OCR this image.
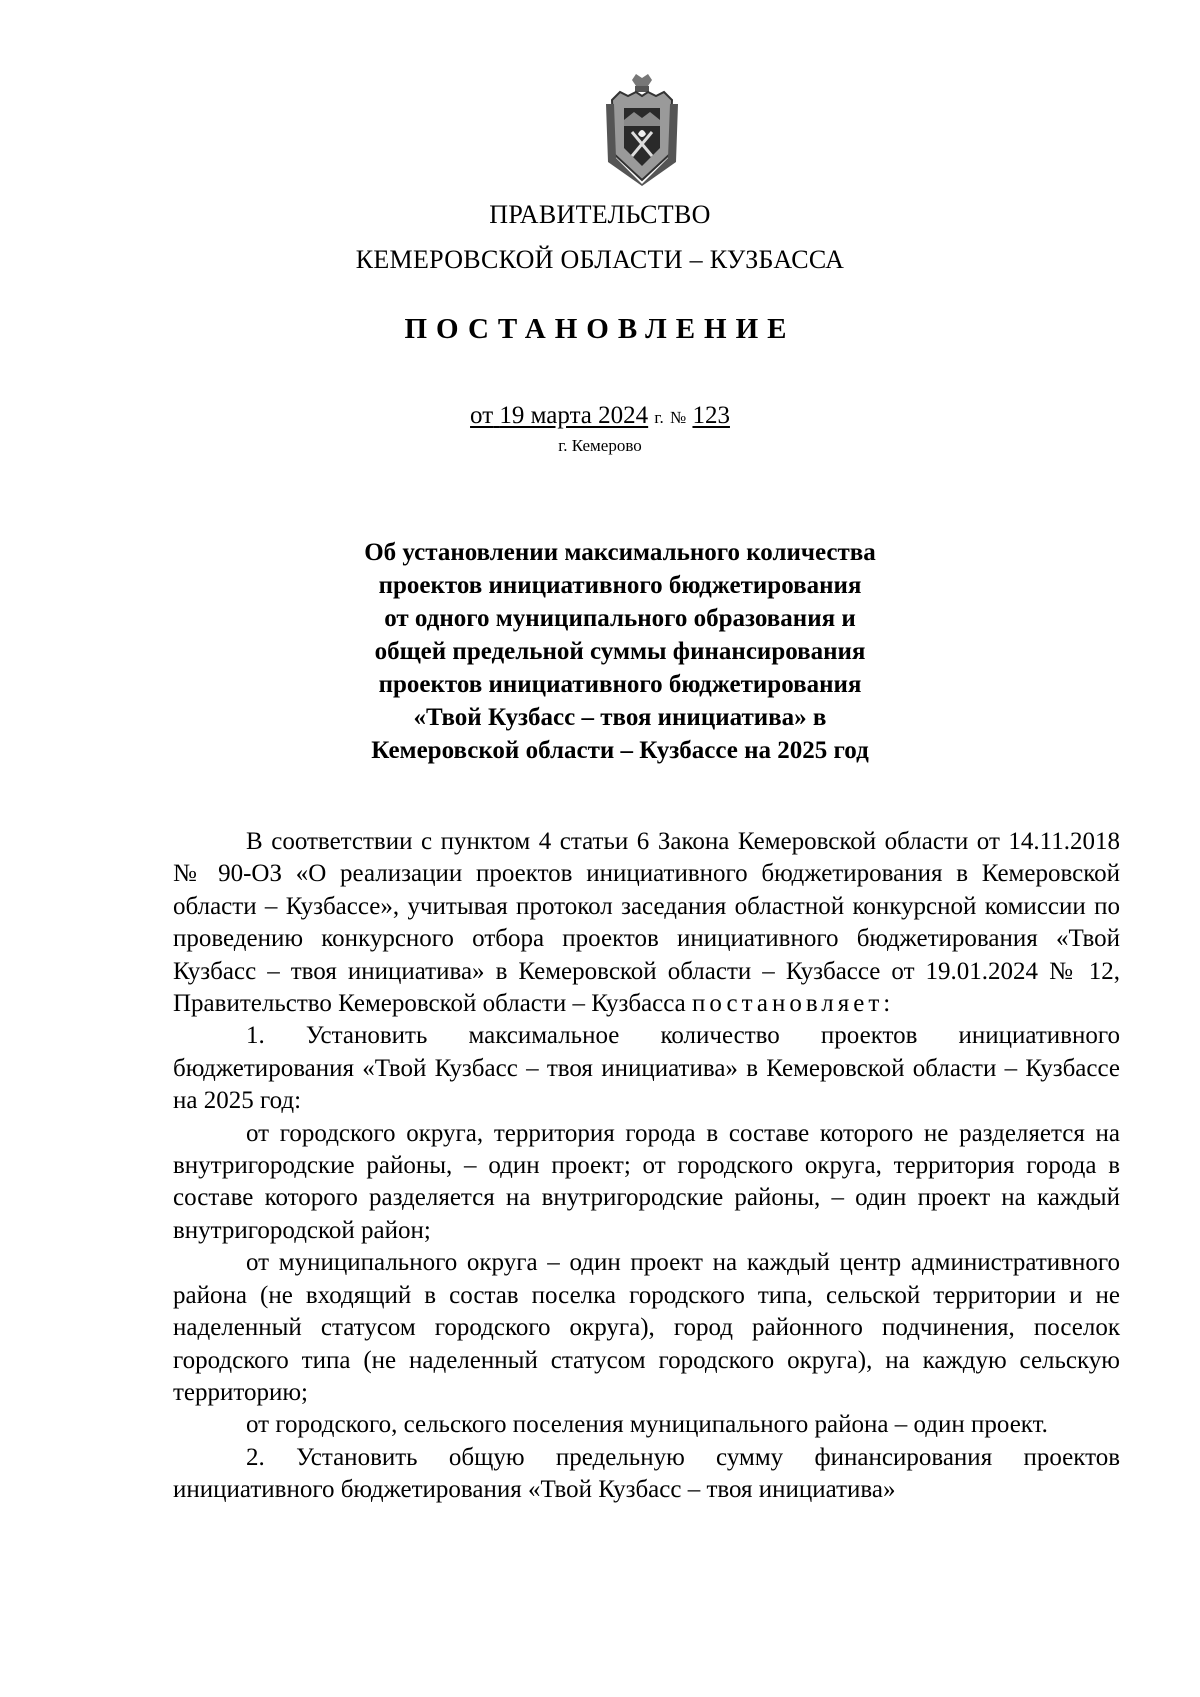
ПРАВИТЕЛЬСТВО
КЕМЕРОВСКОЙ ОБЛАСТИ – КУЗБАССА
ПОСТАНОВЛЕНИЕ
от 19 марта 2024 г. № 123
г. Кемерово
Об установлении максимального количества
проектов инициативного бюджетирования
от одного муниципального образования и
общей предельной суммы финансирования
проектов инициативного бюджетирования
«Твой Кузбасс – твоя инициатива» в
Кемеровской области – Кузбассе на 2025 год

В соответствии с пунктом 4 статьи 6 Закона Кемеровской области от 14.11.2018 № 90-ОЗ «О реализации проектов инициативного бюджетирования в Кемеровской области – Кузбассе», учитывая протокол заседания областной конкурсной комиссии по проведению конкурсного отбора проектов инициативного бюджетирования «Твой Кузбасс – твоя инициатива» в Кемеровской области – Кузбассе от 19.01.2024 № 12, Правительство Кемеровской области – Кузбасса постановляет:

1. Установить максимальное количество проектов инициативного бюджетирования «Твой Кузбасс – твоя инициатива» в Кемеровской области – Кузбассе на 2025 год:

от городского округа, территория города в составе которого не разделяется на внутригородские районы, – один проект; от городского округа, территория города в составе которого разделяется на внутригородские районы, – один проект на каждый внутригородской район;

от муниципального округа – один проект на каждый центр административного района (не входящий в состав поселка городского типа, сельской территории и не наделенный статусом городского округа), город районного подчинения, поселок городского типа (не наделенный статусом городского округа), на каждую сельскую территорию;

от городского, сельского поселения муниципального района – один проект.

2. Установить общую предельную сумму финансирования проектов инициативного бюджетирования «Твой Кузбасс – твоя инициатива»
